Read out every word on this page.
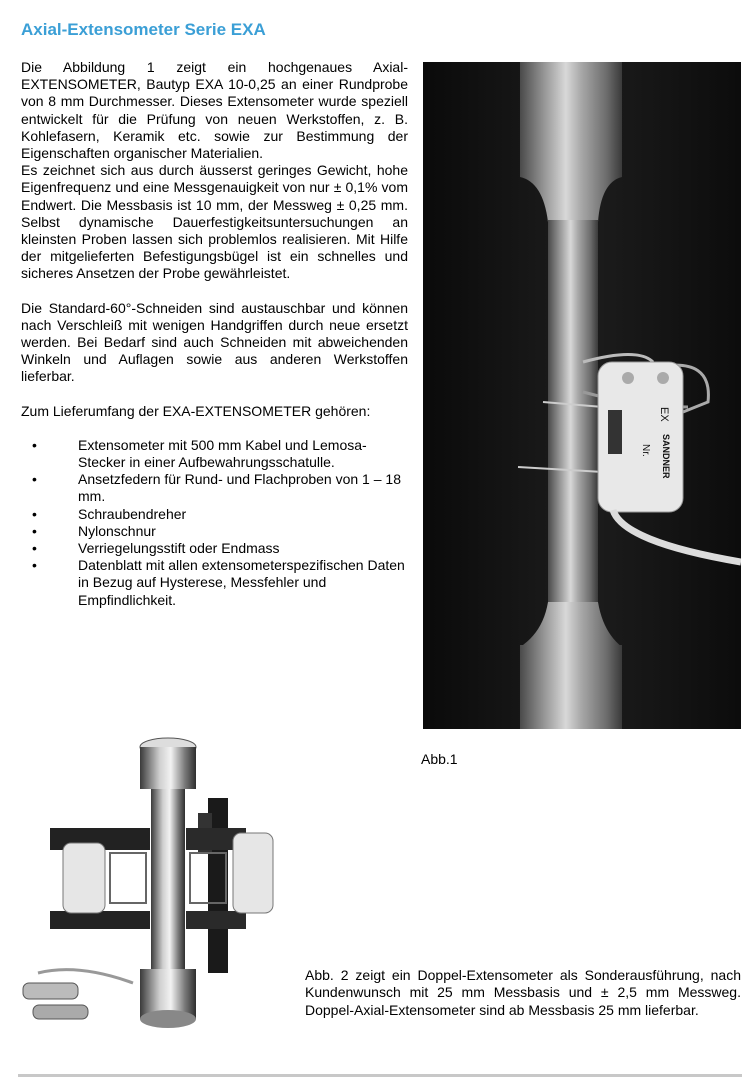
Axial-Extensometer Serie EXA

Die Abbildung 1 zeigt ein hochgenaues Axial-EXTENSOMETER, Bautyp EXA 10-0,25 an einer Rundprobe von 8 mm Durchmesser. Dieses Extensometer wurde speziell entwickelt für die Prüfung von neuen Werkstoffen, z. B. Kohlefasern, Keramik etc. sowie zur Bestimmung der Eigenschaften organischer Materialien.

Es zeichnet sich aus durch äusserst geringes Gewicht, hohe Eigenfrequenz und eine Messgenauigkeit von nur ± 0,1% vom Endwert. Die Messbasis ist 10 mm, der Messweg ± 0,25 mm. Selbst dynamische Dauerfestigkeitsuntersuchungen an kleinsten Proben lassen sich problemlos realisieren. Mit Hilfe der mitgelieferten Befestigungsbügel ist ein schnelles und sicheres Ansetzen der Probe gewährleistet.

Die Standard-60°-Schneiden sind austauschbar und können nach Verschleiß mit wenigen Handgriffen durch neue ersetzt werden. Bei Bedarf sind auch Schneiden mit abweichenden Winkeln und Auflagen sowie aus anderen Werkstoffen lieferbar.

Zum Lieferumfang der EXA-EXTENSOMETER gehören:

•	Extensometer mit 500 mm Kabel und Lemosa-Stecker in einer Aufbewahrungsschatulle.
•	Ansetzfedern für Rund- und Flachproben von 1 – 18 mm.
•	Schraubendreher
•	Nylonschnur
•	Verriegelungsstift oder Endmass
•	Datenblatt mit allen extensometerspezifischen Daten in Bezug auf Hysterese, Messfehler und Empfindlichkeit.
EX
SANDNER
Nr.
Abb.1
Abb. 2 zeigt ein Doppel-Extensometer als Sonderausführung, nach Kundenwunsch mit 25 mm Messbasis und ± 2,5 mm Messweg. Doppel-Axial-Extensometer sind ab Messbasis 25 mm lieferbar.
